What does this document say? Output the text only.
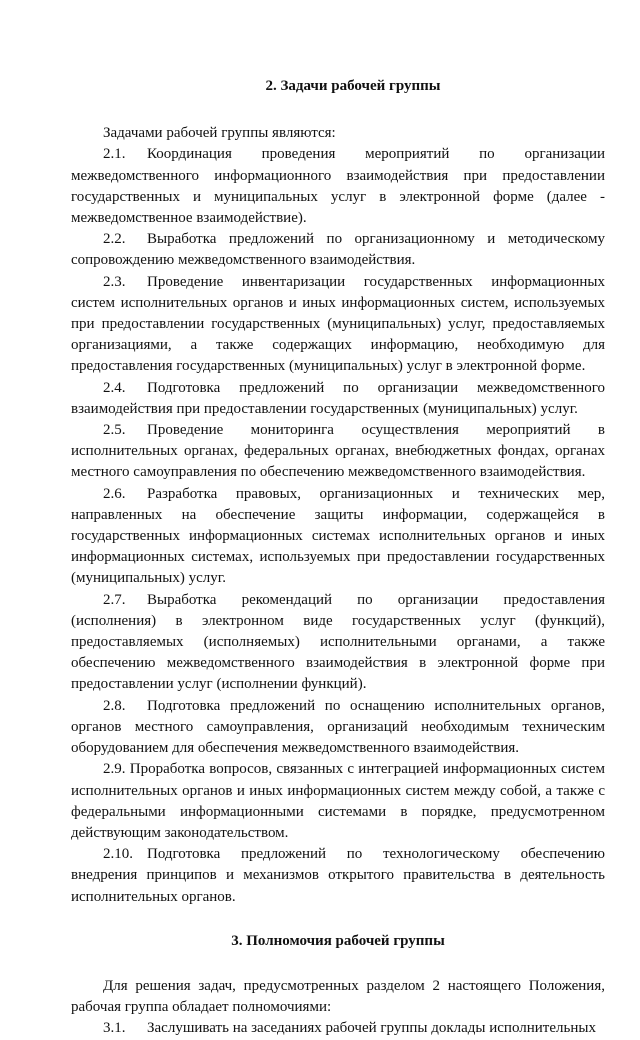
2. Задачи рабочей группы

Задачами рабочей группы являются:

2.1. Координация проведения мероприятий по организации межведомственного информационного взаимодействия при предоставлении государственных и муниципальных услуг в электронной форме (далее - межведомственное взаимодействие).

2.2. Выработка предложений по организационному и методическому сопровождению межведомственного взаимодействия.

2.3. Проведение инвентаризации государственных информационных систем исполнительных органов и иных информационных систем, используемых при предоставлении государственных (муниципальных) услуг, предоставляемых организациями, а также содержащих информацию, необходимую для предоставления государственных (муниципальных) услуг в электронной форме.

2.4. Подготовка предложений по организации межведомственного взаимодействия при предоставлении государственных (муниципальных) услуг.

2.5. Проведение мониторинга осуществления мероприятий в исполнительных органах, федеральных органах, внебюджетных фондах, органах местного самоуправления по обеспечению межведомственного взаимодействия.

2.6. Разработка правовых, организационных и технических мер, направленных на обеспечение защиты информации, содержащейся в государственных информационных системах исполнительных органов и иных информационных системах, используемых при предоставлении государственных (муниципальных) услуг.

2.7. Выработка рекомендаций по организации предоставления (исполнения) в электронном виде государственных услуг (функций), предоставляемых (исполняемых) исполнительными органами, а также обеспечению межведомственного взаимодействия в электронной форме при предоставлении услуг (исполнении функций).

2.8. Подготовка предложений по оснащению исполнительных органов, органов местного самоуправления, организаций необходимым техническим оборудованием для обеспечения межведомственного взаимодействия.

2.9. Проработка вопросов, связанных с интеграцией информационных систем исполнительных органов и иных информационных систем между собой, а также с федеральными информационными системами в порядке, предусмотренном действующим законодательством.

2.10. Подготовка предложений по технологическому обеспечению внедрения принципов и механизмов открытого правительства в деятельность исполнительных органов.

3. Полномочия рабочей группы

Для решения задач, предусмотренных разделом 2 настоящего Положения, рабочая группа обладает полномочиями:

3.1. Заслушивать на заседаниях рабочей группы доклады исполнительных
